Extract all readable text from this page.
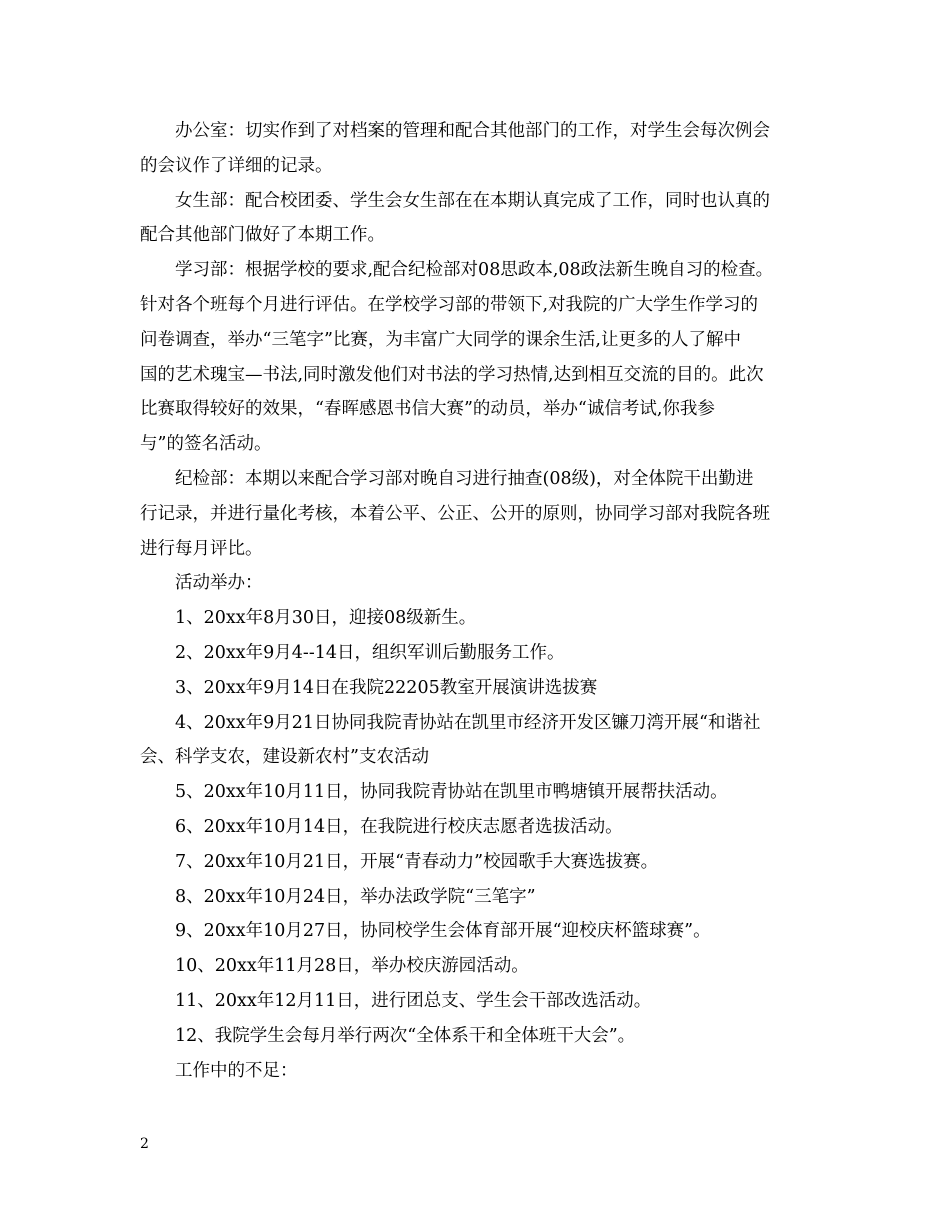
办公室：切实作到了对档案的管理和配合其他部门的工作，对学生会每次例会
的会议作了详细的记录。
女生部：配合校团委、学生会女生部在在本期认真完成了工作，同时也认真的
配合其他部门做好了本期工作。
学习部：根据学校的要求,配合纪检部对08思政本,08政法新生晚自习的检查。
针对各个班每个月进行评估。在学校学习部的带领下,对我院的广大学生作学习的
问卷调查，举办“三笔字”比赛，为丰富广大同学的课余生活,让更多的人了解中
国的艺术瑰宝—书法,同时激发他们对书法的学习热情,达到相互交流的目的。此次
比赛取得较好的效果，“春晖感恩书信大赛”的动员，举办“诚信考试,你我参
与”的签名活动。
纪检部：本期以来配合学习部对晚自习进行抽查(08级)，对全体院干出勤进
行记录，并进行量化考核，本着公平、公正、公开的原则，协同学习部对我院各班
进行每月评比。
活动举办：
1、20xx年8月30日，迎接08级新生。
2、20xx年9月4--14日，组织军训后勤服务工作。
3、20xx年9月14日在我院22205教室开展演讲选拔赛
4、20xx年9月21日协同我院青协站在凯里市经济开发区镰刀湾开展“和谐社
会、科学支农，建设新农村”支农活动
5、20xx年10月11日，协同我院青协站在凯里市鸭塘镇开展帮扶活动。
6、20xx年10月14日，在我院进行校庆志愿者选拔活动。
7、20xx年10月21日，开展“青春动力”校园歌手大赛选拔赛。
8、20xx年10月24日，举办法政学院“三笔字”
9、20xx年10月27日，协同校学生会体育部开展“迎校庆杯篮球赛”。
10、20xx年11月28日，举办校庆游园活动。
11、20xx年12月11日，进行团总支、学生会干部改选活动。
12、我院学生会每月举行两次“全体系干和全体班干大会”。
工作中的不足：
2
